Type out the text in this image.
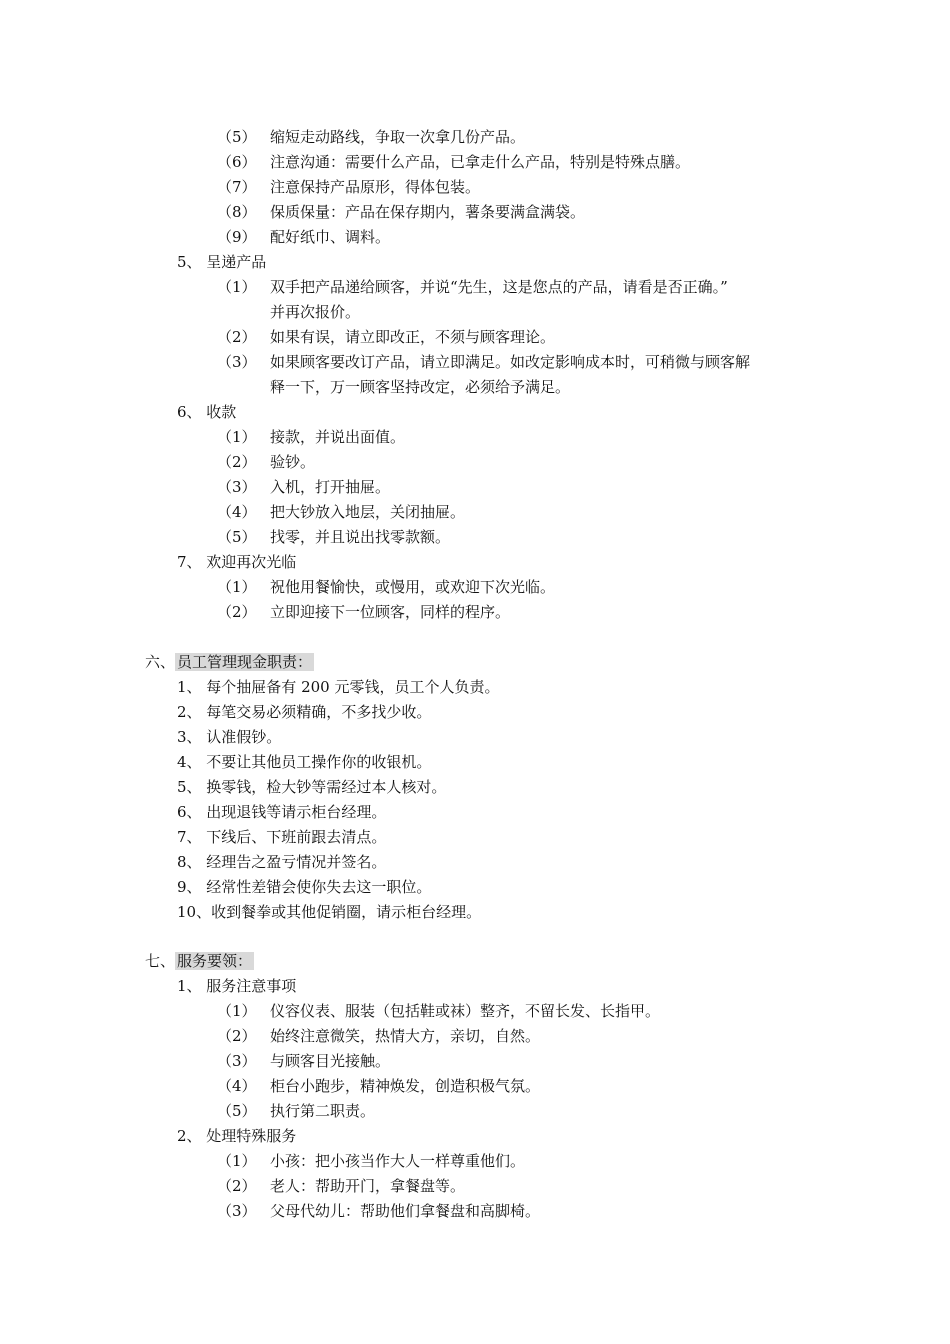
（5） 缩短走动路线，争取一次拿几份产品。
（6） 注意沟通：需要什么产品，已拿走什么产品，特别是特殊点膳。
（7） 注意保持产品原形，得体包装。
（8） 保质保量：产品在保存期内，薯条要满盒满袋。
（9） 配好纸巾、调料。
5、 呈递产品
（1） 双手把产品递给顾客，并说“先生，这是您点的产品，请看是否正确。”
并再次报价。
（2） 如果有误，请立即改正，不须与顾客理论。
（3） 如果顾客要改订产品，请立即满足。如改定影响成本时，可稍微与顾客解
释一下，万一顾客坚持改定，必须给予满足。
6、 收款
（1） 接款，并说出面值。
（2） 验钞。
（3） 入机，打开抽屉。
（4） 把大钞放入地层，关闭抽屉。
（5） 找零，并且说出找零款额。
7、 欢迎再次光临
（1） 祝他用餐愉快，或慢用，或欢迎下次光临。
（2） 立即迎接下一位顾客，同样的程序。
六、 员工管理现金职责：
1、 每个抽屉备有 200 元零钱，员工个人负责。
2、 每笔交易必须精确，不多找少收。
3、 认准假钞。
4、 不要让其他员工操作你的收银机。
5、 换零钱，检大钞等需经过本人核对。
6、 出现退钱等请示柜台经理。
7、 下线后、下班前跟去清点。
8、 经理告之盈亏情况并签名。
9、 经常性差错会使你失去这一职位。
10、收到餐拳或其他促销圈，请示柜台经理。
七、 服务要领：
1、 服务注意事项
（1） 仪容仪表、服装（包括鞋或袜）整齐，不留长发、长指甲。
（2） 始终注意微笑，热情大方，亲切，自然。
（3） 与顾客目光接触。
（4） 柜台小跑步，精神焕发，创造积极气氛。
（5） 执行第二职责。
2、 处理特殊服务
（1） 小孩：把小孩当作大人一样尊重他们。
（2） 老人：帮助开门，拿餐盘等。
（3） 父母代幼儿：帮助他们拿餐盘和高脚椅。
